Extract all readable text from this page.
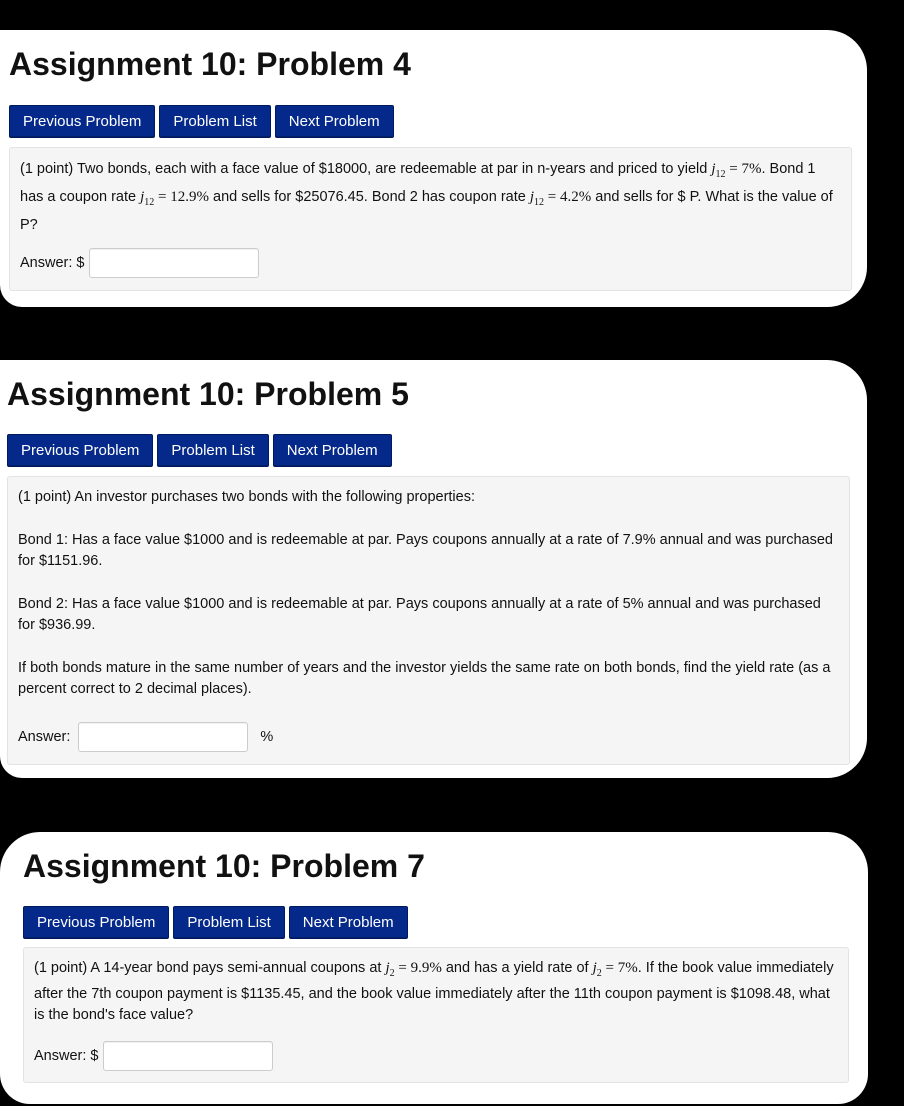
Assignment 10: Problem 4
Previous Problem	Problem List	Next Problem

(1 point) Two bonds, each with a face value of $18000, are redeemable at par in n-years and priced to yield $j_{12} = 7\%$. Bond 1 has a coupon rate $j_{12} = 12.9\%$ and sells for $25076.45. Bond 2 has coupon rate $j_{12} = 4.2\%$ and sells for $ P. What is the value of P?

Answer: $
Assignment 10: Problem 5
Previous Problem	Problem List	Next Problem

(1 point) An investor purchases two bonds with the following properties:

Bond 1: Has a face value $1000 and is redeemable at par. Pays coupons annually at a rate of 7.9% annual and was purchased for $1151.96.

Bond 2: Has a face value $1000 and is redeemable at par. Pays coupons annually at a rate of 5% annual and was purchased for $936.99.

If both bonds mature in the same number of years and the investor yields the same rate on both bonds, find the yield rate (as a percent correct to 2 decimal places).

Answer:	%
Assignment 10: Problem 7
Previous Problem	Problem List	Next Problem

(1 point) A 14-year bond pays semi-annual coupons at $j_2 = 9.9\%$ and has a yield rate of $j_2 = 7\%$. If the book value immediately after the 7th coupon payment is $1135.45, and the book value immediately after the 11th coupon payment is $1098.48, what is the bond's face value?

Answer: $
